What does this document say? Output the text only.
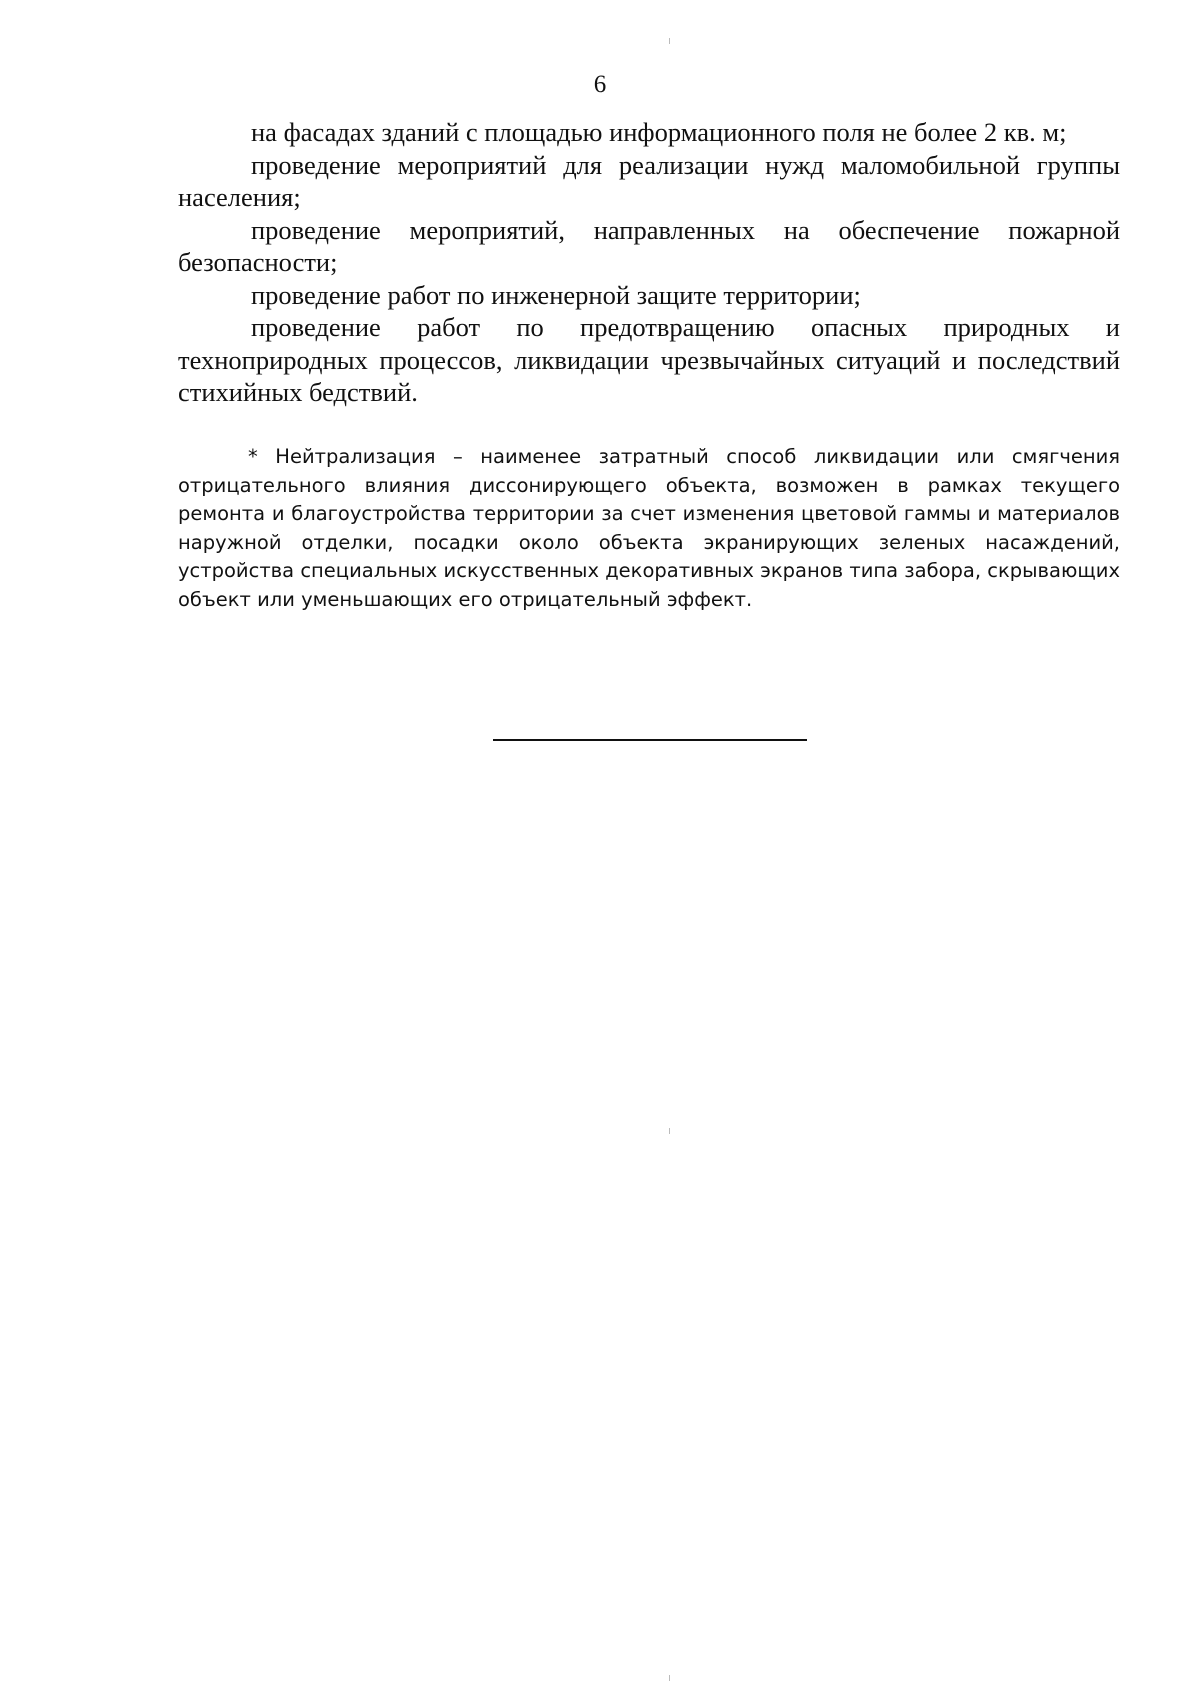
6

на фасадах зданий с площадью информационного поля не более 2 кв. м;

проведение мероприятий для реализации нужд маломобильной группы населения;

проведение мероприятий, направленных на обеспечение пожарной безопасности;

проведение работ по инженерной защите территории;

проведение работ по предотвращению опасных природных и техноприродных процессов, ликвидации чрезвычайных ситуаций и последствий стихийных бедствий.

* Нейтрализация – наименее затратный способ ликвидации или смягчения отрицательного влияния диссонирующего объекта, возможен в рамках текущего ремонта и благоустройства территории за счет изменения цветовой гаммы и материалов наружной отделки, посадки около объекта экранирующих зеленых насаждений, устройства специальных искусственных декоративных экранов типа забора, скрывающих объект или уменьшающих его отрицательный эффект.
